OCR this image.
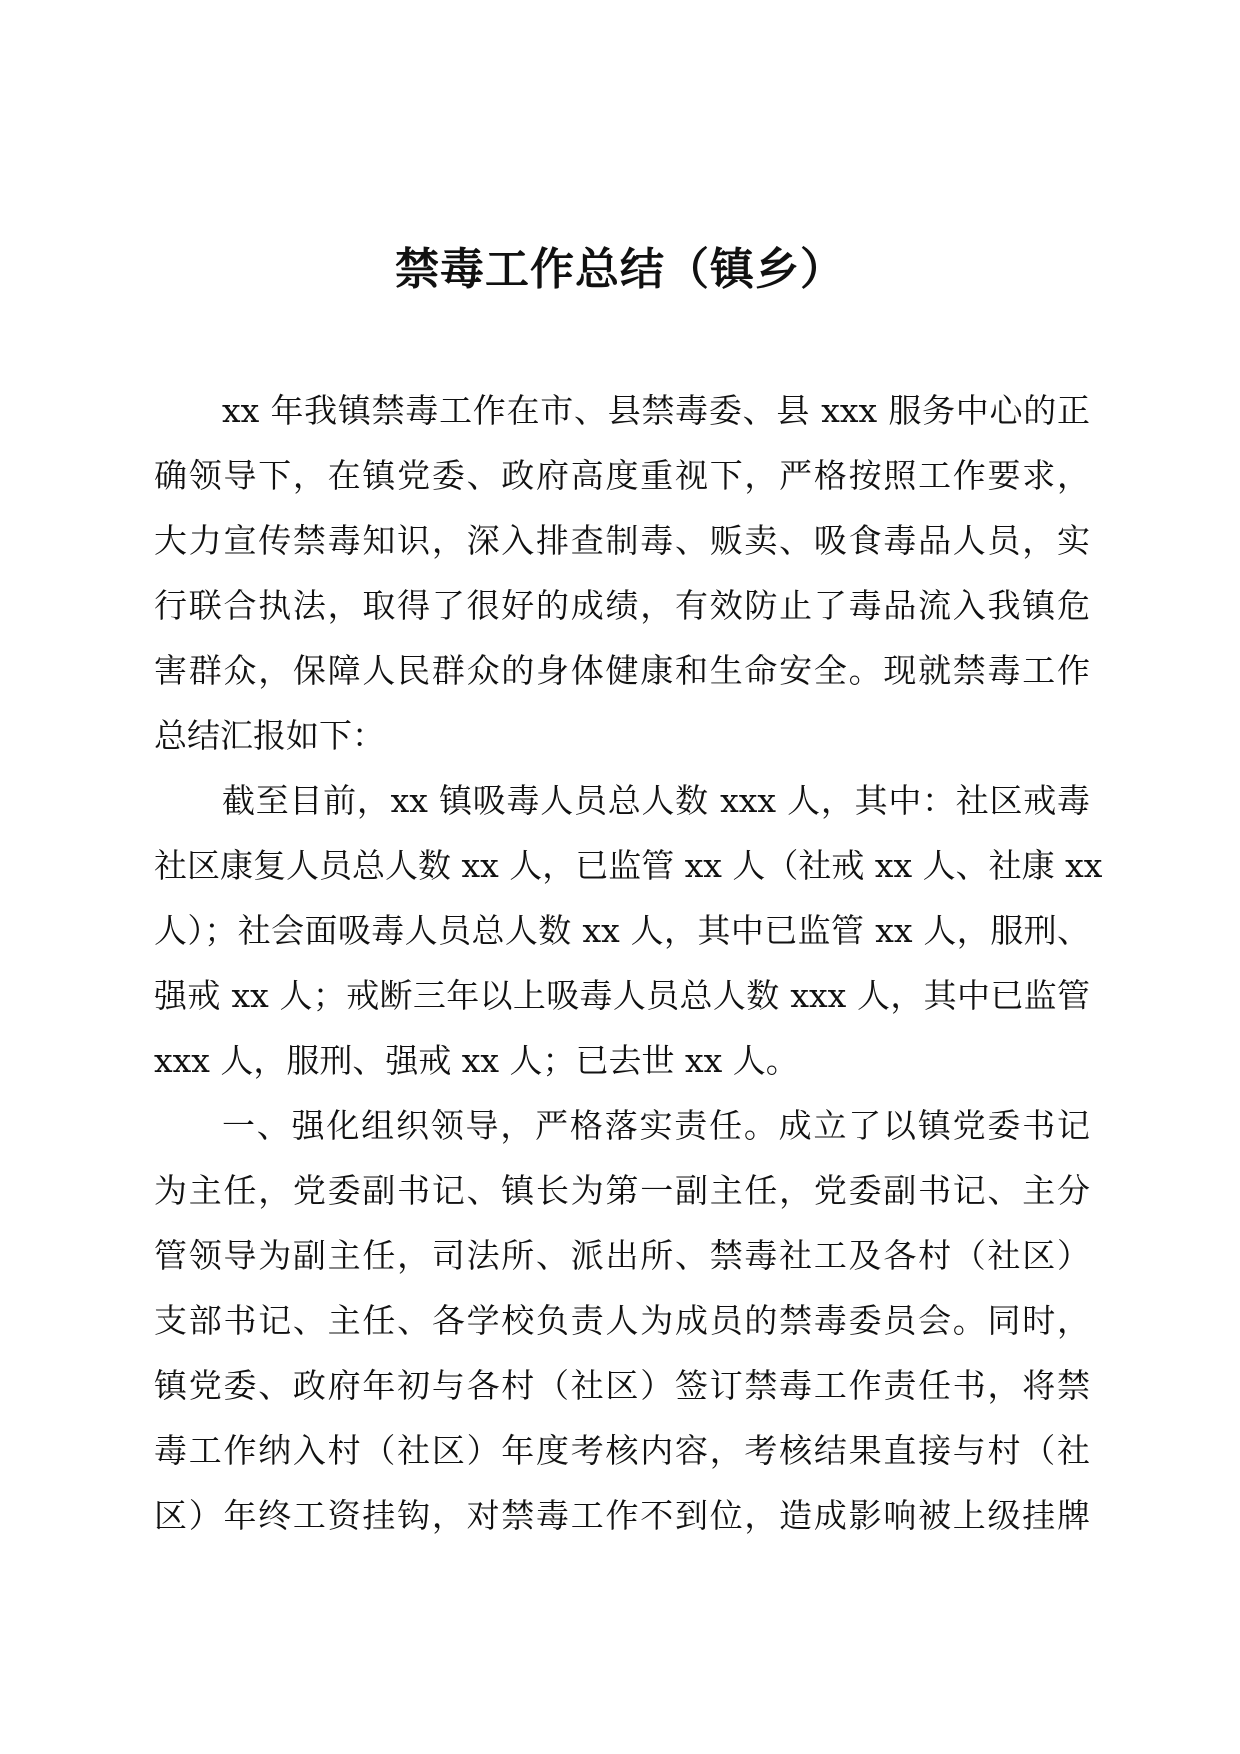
禁毒工作总结（镇乡）
xx 年我镇禁毒工作在市、县禁毒委、县 xxx 服务中心的正
确领导下，在镇党委、政府高度重视下，严格按照工作要求，
大力宣传禁毒知识，深入排查制毒、贩卖、吸食毒品人员，实
行联合执法，取得了很好的成绩，有效防止了毒品流入我镇危
害群众，保障人民群众的身体健康和生命安全。现就禁毒工作
总结汇报如下：
截至目前，xx 镇吸毒人员总人数 xxx 人，其中：社区戒毒
社区康复人员总人数 xx 人，已监管 xx 人（社戒 xx 人、社康 xx
人）；社会面吸毒人员总人数 xx 人，其中已监管 xx 人，服刑、
强戒 xx 人；戒断三年以上吸毒人员总人数 xxx 人，其中已监管
xxx 人，服刑、强戒 xx 人；已去世 xx 人。
一、强化组织领导，严格落实责任。成立了以镇党委书记
为主任，党委副书记、镇长为第一副主任，党委副书记、主分
管领导为副主任，司法所、派出所、禁毒社工及各村（社区）
支部书记、主任、各学校负责人为成员的禁毒委员会。同时，
镇党委、政府年初与各村（社区）签订禁毒工作责任书，将禁
毒工作纳入村（社区）年度考核内容，考核结果直接与村（社
区）年终工资挂钩，对禁毒工作不到位，造成影响被上级挂牌
